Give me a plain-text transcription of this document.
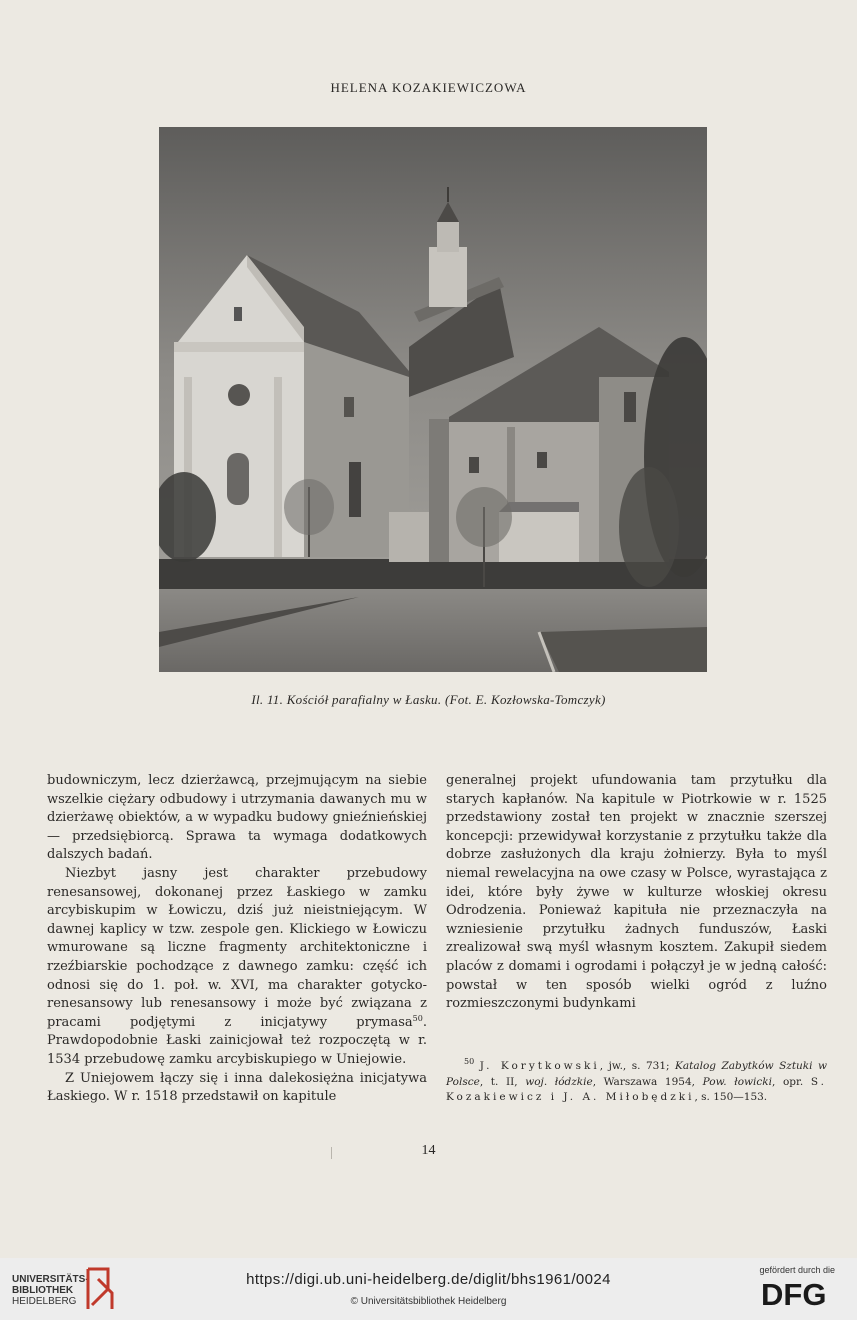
HELENA KOZAKIEWICZOWA
Il. 11. Kościół parafialny w Łasku. (Fot. E. Kozłowska-Tomczyk)

budowniczym, lecz dzierżawcą, przejmującym na siebie wszelkie ciężary odbudowy i utrzymania dawanych mu w dzierżawę obiektów, a w wypadku budowy gnieźnieńskiej — przedsiębiorcą. Sprawa ta wymaga dodatkowych dalszych badań.

Niezbyt jasny jest charakter przebudowy renesansowej, dokonanej przez Łaskiego w zamku arcybiskupim w Łowiczu, dziś już nieistniejącym. W dawnej kaplicy w tzw. zespole gen. Klickiego w Łowiczu wmurowane są liczne fragmenty architektoniczne i rzeźbiarskie pochodzące z dawnego zamku: część ich odnosi się do 1. poł. w. XVI, ma charakter gotycko-renesansowy lub renesansowy i może być związana z pracami podjętymi z inicjatywy prymasa$^{50}$. Prawdopodobnie Łaski zainicjował też rozpoczętą w r. 1534 przebudowę zamku arcybiskupiego w Uniejowie.

Z Uniejowem łączy się i inna dalekosiężna inicjatywa Łaskiego. W r. 1518 przedstawił on kapitule

generalnej projekt ufundowania tam przytułku dla starych kapłanów. Na kapitule w Piotrkowie w r. 1525 przedstawiony został ten projekt w znacznie szerszej koncepcji: przewidywał korzystanie z przytułku także dla dobrze zasłużonych dla kraju żołnierzy. Była to myśl niemal rewelacyjna na owe czasy w Polsce, wyrastająca z idei, które były żywe w kulturze włoskiej okresu Odrodzenia. Ponieważ kapituła nie przeznaczyła na wzniesienie przytułku żadnych funduszów, Łaski zrealizował swą myśl własnym kosztem. Zakupił siedem placów z domami i ogrodami i połączył je w jedną całość: powstał w ten sposób wielki ogród z luźno rozmieszczonymi budynkami

$^{50}$ J. Korytkowski, jw., s. 731; Katalog Zabytków Sztuki w Polsce, t. II, woj. łódzkie, Warszawa 1954, Pow. łowicki, opr. S. Kozakiewicz i J. A. Miłobędzki, s. 150—153.

14
UNIVERSITÄTS-
BIBLIOTHEK
HEIDELBERG
https://digi.ub.uni-heidelberg.de/diglit/bhs1961/0024
© Universitätsbibliothek Heidelberg
gefördert durch die
DFG
